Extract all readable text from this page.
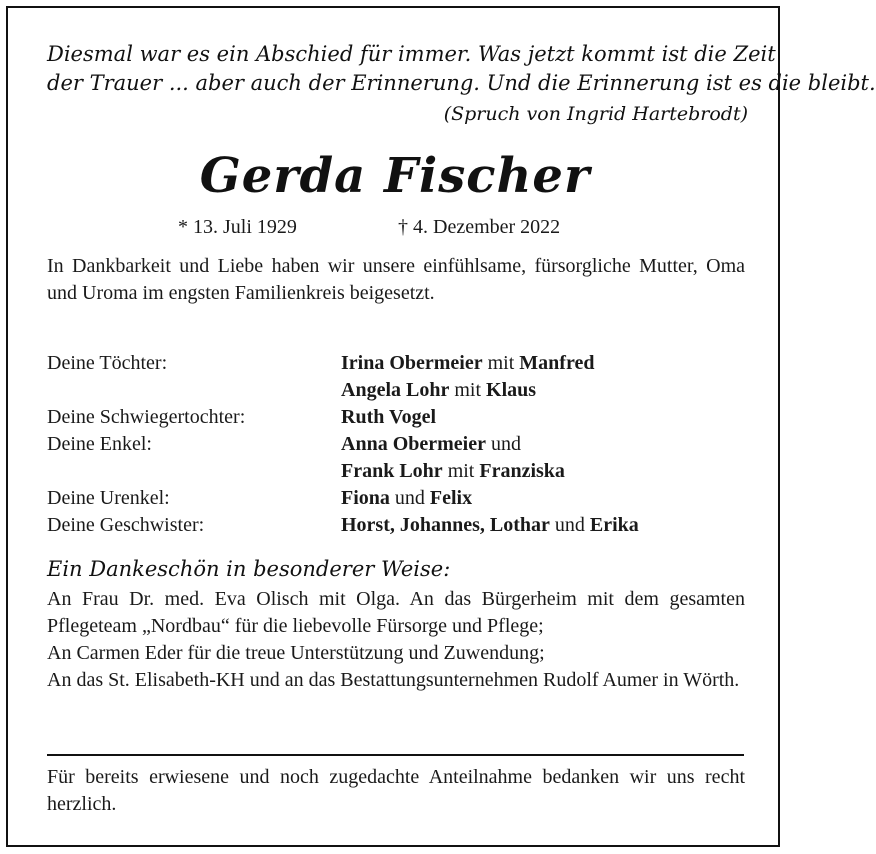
Diesmal war es ein Abschied für immer. Was jetzt kommt ist die Zeit
der Trauer ... aber auch der Erinnerung. Und die Erinnerung ist es die bleibt.
(Spruch von Ingrid Hartebrodt)
Gerda Fischer
* 13. Juli 1929	† 4. Dezember 2022
In Dankbarkeit und Liebe haben wir unsere einfühlsame, fürsorgliche Mutter, Oma und Uroma im engsten Familienkreis beigesetzt.
Deine Töchter:	Irina Obermeier mit Manfred
Angela Lohr mit Klaus
Deine Schwiegertochter:	Ruth Vogel
Deine Enkel:	Anna Obermeier und
Frank Lohr mit Franziska
Deine Urenkel:	Fiona und Felix
Deine Geschwister:	Horst, Johannes, Lothar und Erika
Ein Dankeschön in besonderer Weise:

An Frau Dr. med. Eva Olisch mit Olga. An das Bürgerheim mit dem gesamten Pflegeteam „Nordbau“ für die liebevolle Fürsorge und Pflege;

An Carmen Eder für die treue Unterstützung und Zuwendung;

An das St. Elisabeth-KH und an das Bestattungsunternehmen Rudolf Aumer in Wörth.

Für bereits erwiesene und noch zugedachte Anteilnahme bedanken wir uns recht herzlich.
